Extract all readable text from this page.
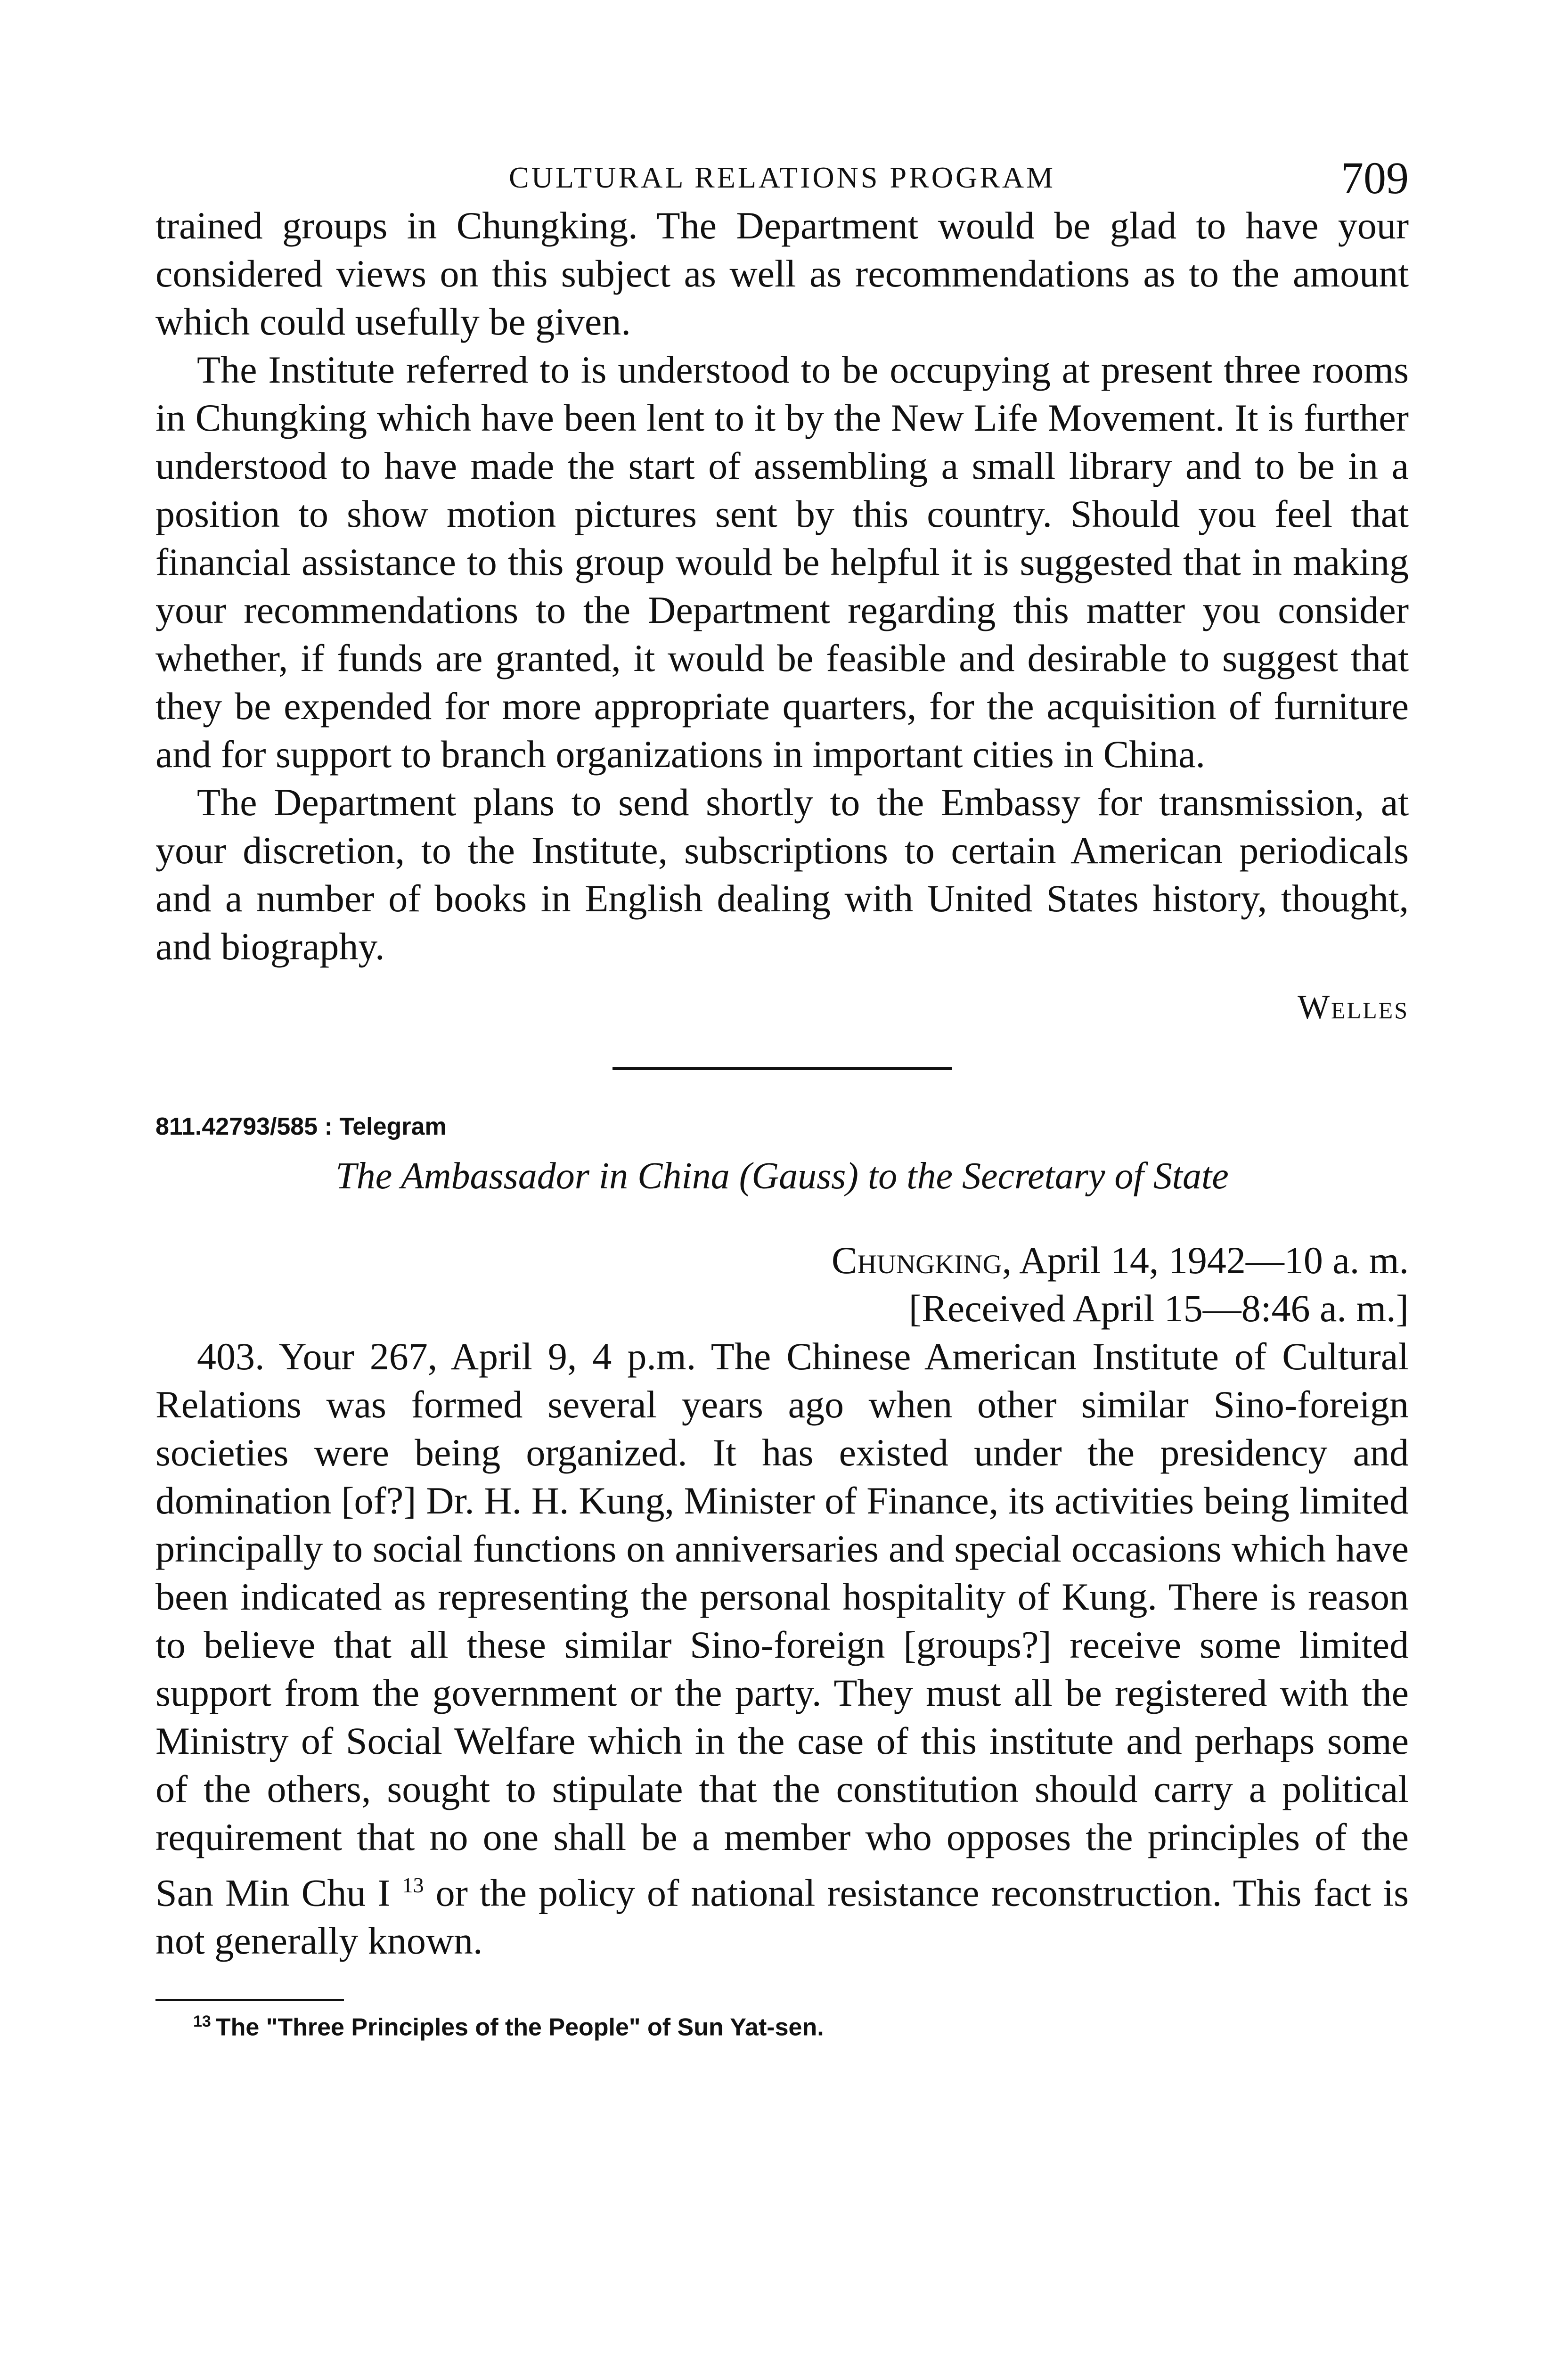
CULTURAL RELATIONS PROGRAM	709

trained groups in Chungking. The Department would be glad to have your considered views on this subject as well as recommendations as to the amount which could usefully be given.

The Institute referred to is understood to be occupying at present three rooms in Chungking which have been lent to it by the New Life Movement. It is further understood to have made the start of assembling a small library and to be in a position to show motion pictures sent by this country. Should you feel that financial assistance to this group would be helpful it is suggested that in making your recommendations to the Department regarding this matter you consider whether, if funds are granted, it would be feasible and desirable to suggest that they be expended for more appropriate quarters, for the acquisition of furniture and for support to branch organizations in important cities in China.

The Department plans to send shortly to the Embassy for transmission, at your discretion, to the Institute, subscriptions to certain American periodicals and a number of books in English dealing with United States history, thought, and biography.

Welles
811.42793/585 : Telegram
The Ambassador in China (Gauss) to the Secretary of State
Chungking, April 14, 1942—10 a. m.
[Received April 15—8:46 a. m.]

403. Your 267, April 9, 4 p.m. The Chinese American Institute of Cultural Relations was formed several years ago when other similar Sino-foreign societies were being organized. It has existed under the presidency and domination [of?] Dr. H. H. Kung, Minister of Finance, its activities being limited principally to social functions on anniversaries and special occasions which have been indicated as representing the personal hospitality of Kung. There is reason to believe that all these similar Sino-foreign [groups?] receive some limited support from the government or the party. They must all be registered with the Ministry of Social Welfare which in the case of this institute and perhaps some of the others, sought to stipulate that the constitution should carry a political requirement that no one shall be a member who opposes the principles of the San Min Chu I $^{13}$ or the policy of national resistance reconstruction. This fact is not generally known.

$^{13}$ The "Three Principles of the People" of Sun Yat-sen.
